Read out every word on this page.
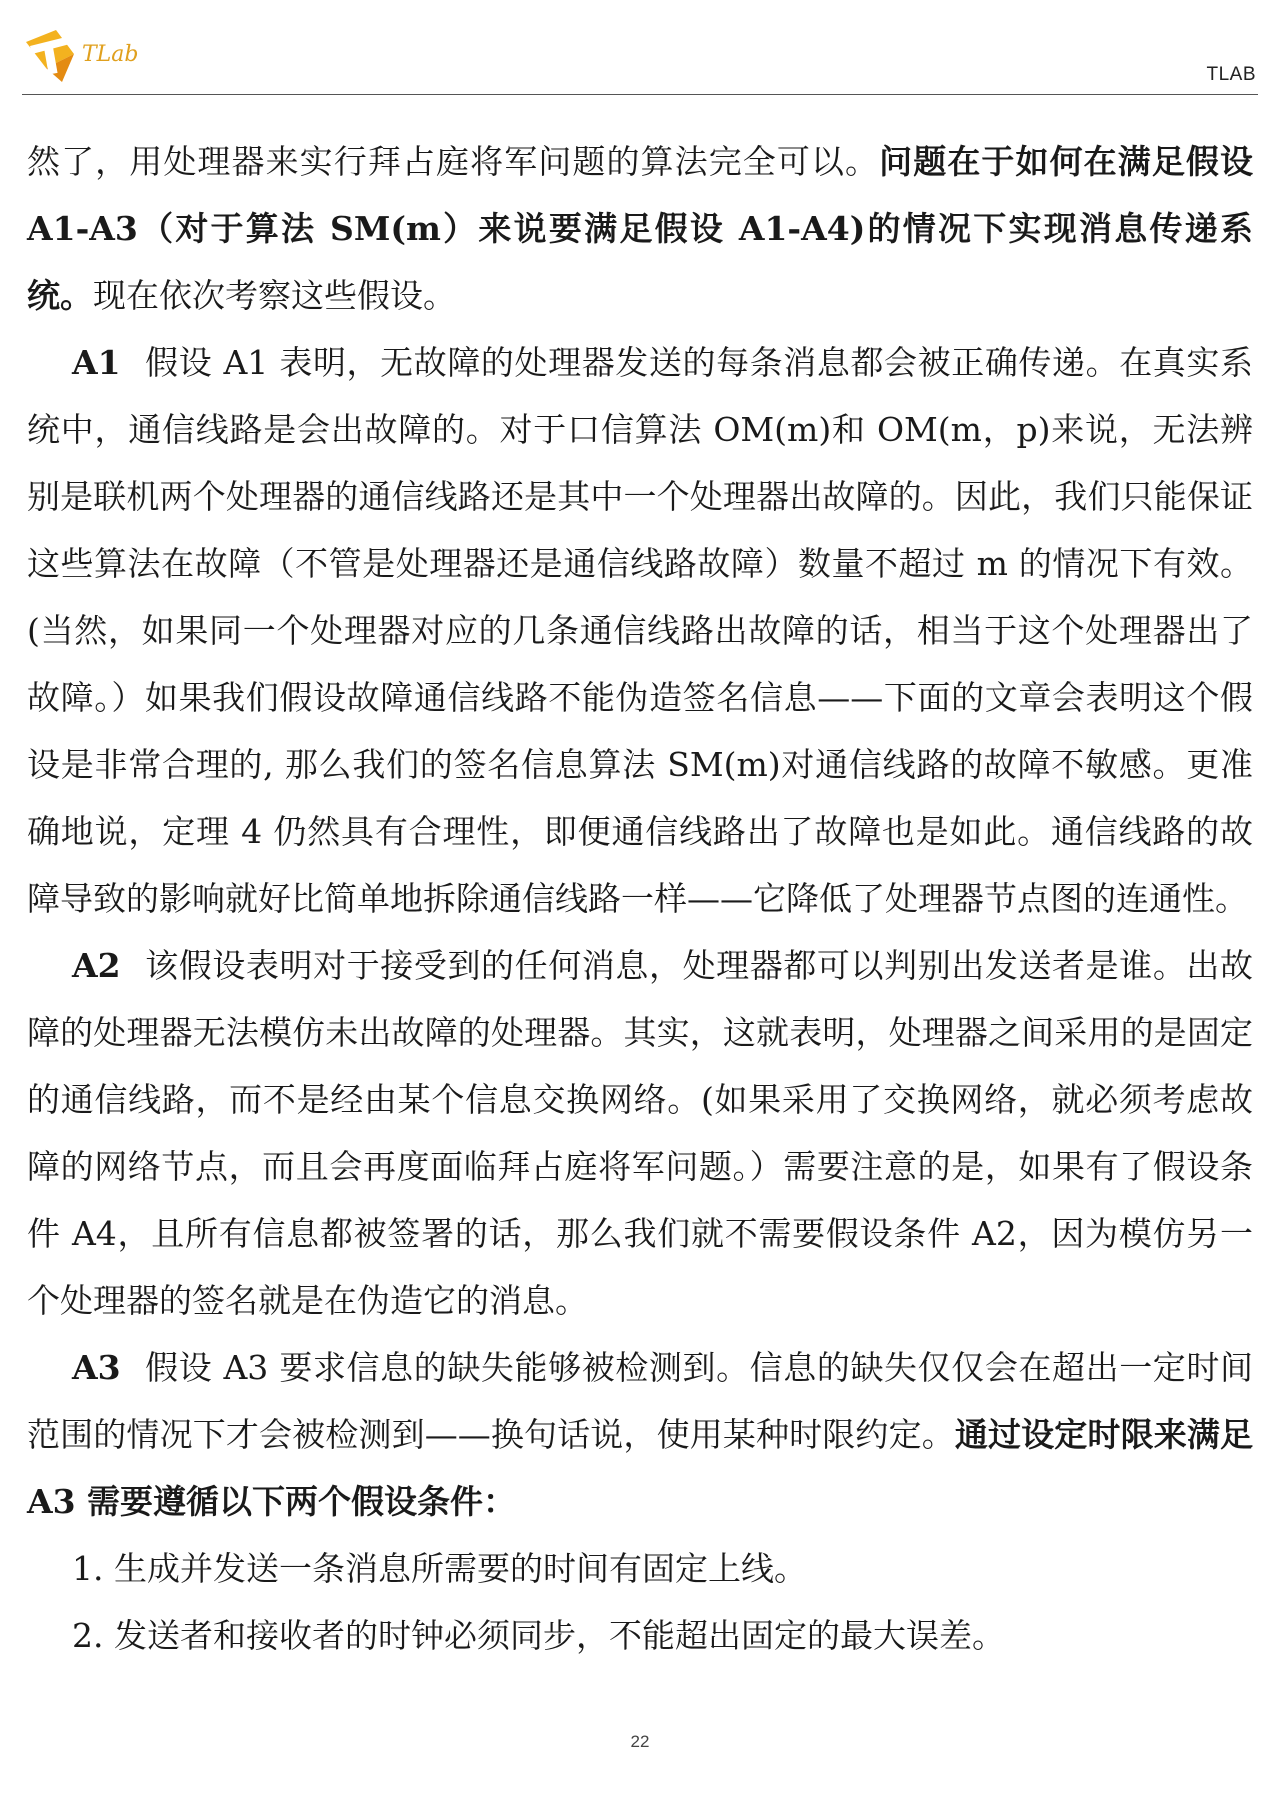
TLab
TLAB

然了，用处理器来实行拜占庭将军问题的算法完全可以。问题在于如何在满足假设 A1-A3（对于算法 SM(m）来说要满足假设 A1-A4)的情况下实现消息传递系统。现在依次考察这些假设。

A1 假设 A1 表明，无故障的处理器发送的每条消息都会被正确传递。在真实系统中，通信线路是会出故障的。对于口信算法 OM(m)和 OM(m，p)来说，无法辨别是联机两个处理器的通信线路还是其中一个处理器出故障的。因此，我们只能保证这些算法在故障（不管是处理器还是通信线路故障）数量不超过 m 的情况下有效。(当然，如果同一个处理器对应的几条通信线路出故障的话，相当于这个处理器出了故障。）如果我们假设故障通信线路不能伪造签名信息——下面的文章会表明这个假设是非常合理的, 那么我们的签名信息算法 SM(m)对通信线路的故障不敏感。更准确地说，定理 4 仍然具有合理性，即便通信线路出了故障也是如此。通信线路的故障导致的影响就好比简单地拆除通信线路一样——它降低了处理器节点图的连通性。

A2 该假设表明对于接受到的任何消息，处理器都可以判别出发送者是谁。出故障的处理器无法模仿未出故障的处理器。其实，这就表明，处理器之间采用的是固定的通信线路，而不是经由某个信息交换网络。(如果采用了交换网络，就必须考虑故障的网络节点，而且会再度面临拜占庭将军问题。）需要注意的是，如果有了假设条件 A4，且所有信息都被签署的话，那么我们就不需要假设条件 A2，因为模仿另一个处理器的签名就是在伪造它的消息。

A3 假设 A3 要求信息的缺失能够被检测到。信息的缺失仅仅会在超出一定时间范围的情况下才会被检测到——换句话说，使用某种时限约定。通过设定时限来满足 A3 需要遵循以下两个假设条件：

1. 生成并发送一条消息所需要的时间有固定上线。

2. 发送者和接收者的时钟必须同步，不能超出固定的最大误差。

22
